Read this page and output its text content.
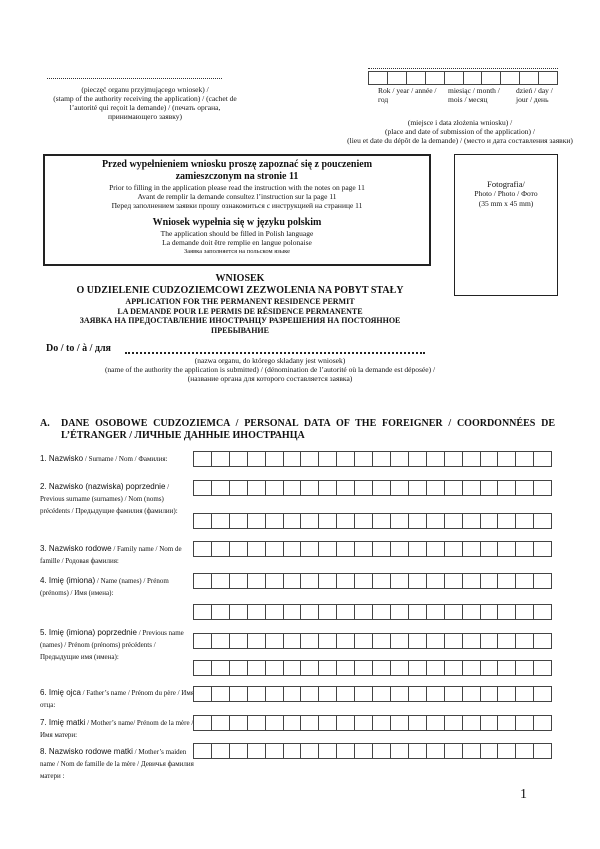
(pieczęć organu przyjmującego wniosek) /
(stamp of the authority receiving the application) / (cachet de
l’autorité qui reçoit la demande) / (печать органа,
принимающего заявку)
Rok / year / année / год
miesiąc / month / mois / месяц
dzień / day / jour / день
(miejsce i data złożenia wniosku) /
(place and date of submission of the application) /
(lieu et date du dépôt de la demande) / (место и дата составления заявки)
Przed wypełnieniem wniosku proszę zapoznać się z pouczeniem
zamieszczonym na stronie 11
Prior to filling in the application please read the instruction with the notes on page 11
Avant de remplir la demande consultez l’instruction sur la page 11
Перед заполнением заявки прошу ознакомиться с инструкцией на странице 11
Wniosek wypełnia się w języku polskim
The application should be filled in Polish language
La demande doit être remplie en langue polonaise
Заявка заполняется на польском языке
Fotografia/
Photo / Photo / Фото
(35 mm x 45 mm)
WNIOSEK
O UDZIELENIE CUDZOZIEMCOWI ZEZWOLENIA NA POBYT STAŁY
APPLICATION FOR THE PERMANENT RESIDENCE PERMIT
LA DEMANDE POUR LE PERMIS DE RÉSIDENCE PERMANENTE
ЗАЯВКА НА ПРЕДОСТАВЛЕНИЕ ИНОСТРАНЦУ РАЗРЕШЕНИЯ НА ПОСТОЯННОЕ
ПРЕБЫВАНИЕ
Do / to / à / для
(nazwa organu, do którego składany jest wniosek)
(name of the authority the application is submitted) / (dénomination de l’autorité où la demande est déposée) /
(название органа для которого составляется заявка)
A. DANE OSOBOWE CUDZOZIEMCA / PERSONAL DATA OF THE FOREIGNER / COORDONNÉES DE
L’ÉTRANGER / ЛИЧНЫЕ ДАННЫЕ ИНОСТРАНЦА
1. Nazwisko / Surname / Nom / Фамилия:
2. Nazwisko (nazwiska) poprzednie / Previous surname (surnames) / Nom (noms) précédents / Предыдущие фамилия (фамилии):
3. Nazwisko rodowe / Family name / Nom de famille / Родовая фамилия:
4. Imię (imiona) / Name (names) / Prénom (prénoms) / Имя (имена):
5. Imię (imiona) poprzednie / Previous name (names) / Prénom (prénoms) précédents / Предыдущие имя (имена):
6. Imię ojca / Father’s name / Prénom du père / Имя отца:
7. Imię matki / Mother’s name/ Prénom de la mère / Имя матери:
8. Nazwisko rodowe matki / Mother’s maiden name / Nom de famille de la mère / Девичья фамилия матери :
1
